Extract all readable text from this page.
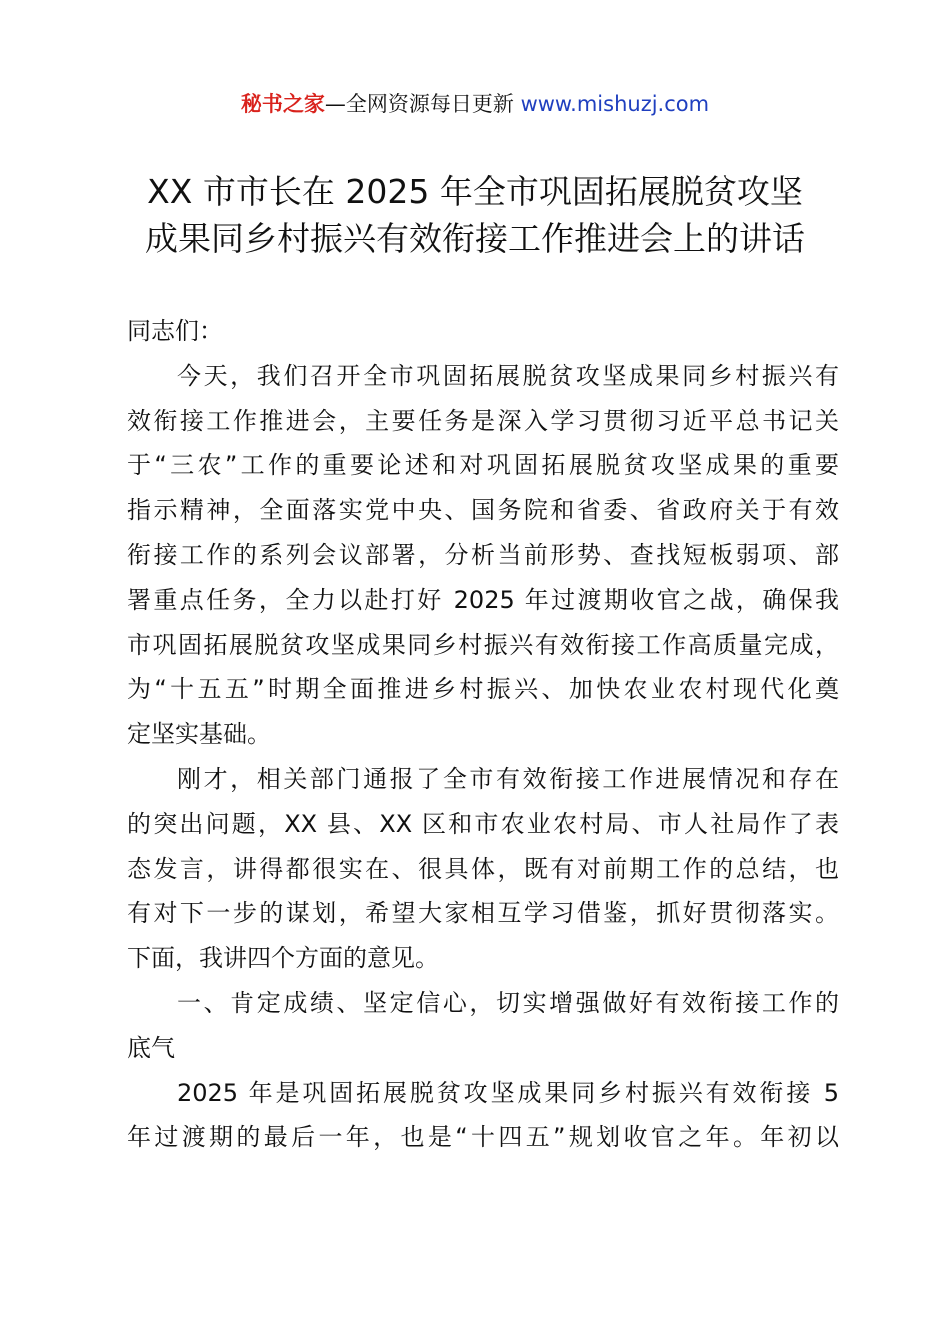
秘书之家—全网资源每日更新 www.mishuzj.com
XX 市市长在 2025 年全市巩固拓展脱贫攻坚
成果同乡村振兴有效衔接工作推进会上的讲话
同志们：
今天，我们召开全市巩固拓展脱贫攻坚成果同乡村振兴有
效衔接工作推进会，主要任务是深入学习贯彻习近平总书记关
于“三农”工作的重要论述和对巩固拓展脱贫攻坚成果的重要
指示精神，全面落实党中央、国务院和省委、省政府关于有效
衔接工作的系列会议部署，分析当前形势、查找短板弱项、部
署重点任务，全力以赴打好 2025 年过渡期收官之战，确保我
市巩固拓展脱贫攻坚成果同乡村振兴有效衔接工作高质量完成，
为“十五五”时期全面推进乡村振兴、加快农业农村现代化奠
定坚实基础。
刚才，相关部门通报了全市有效衔接工作进展情况和存在
的突出问题，XX 县、XX 区和市农业农村局、市人社局作了表
态发言，讲得都很实在、很具体，既有对前期工作的总结，也
有对下一步的谋划，希望大家相互学习借鉴，抓好贯彻落实。
下面，我讲四个方面的意见。
一、肯定成绩、坚定信心，切实增强做好有效衔接工作的
底气
2025 年是巩固拓展脱贫攻坚成果同乡村振兴有效衔接 5
年过渡期的最后一年，也是“十四五”规划收官之年。年初以
